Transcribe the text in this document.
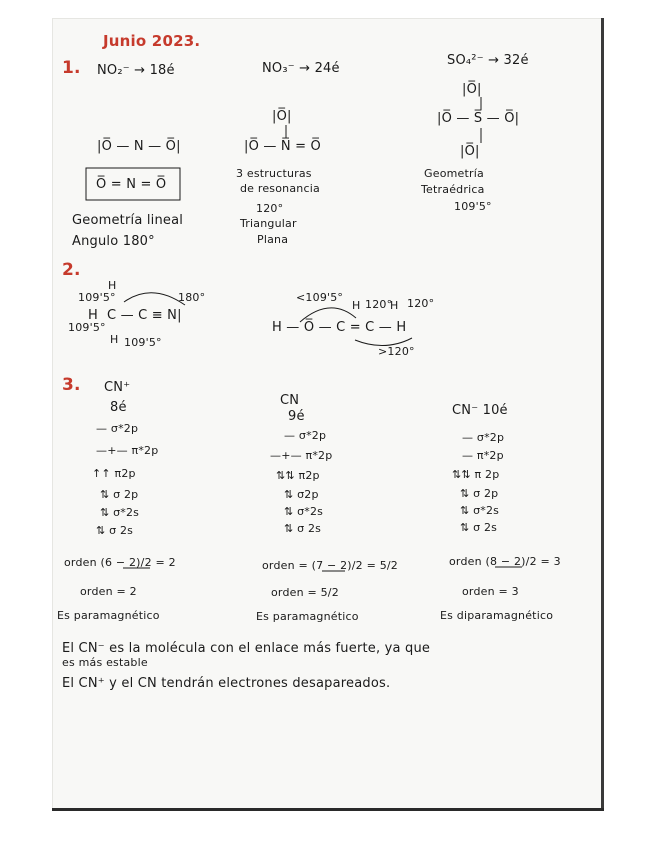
Junio 2023.
1. NO₂⁻ → 18é	NO₃⁻ → 24é
SO₄²⁻ → 32é
|O̅|
|O̅ — S̅ — O̅|
|O̅|
|O̅|
|O̅ — N̅ = O̅
|O̅ — N — O̅|
O̅ = N = O̅
3 estructuras
de resonancia
120°
Triangular
Plana
Geometría
Tetraédrica
109'5°
Geometría lineal
Angulo 180°
2.
H
H C — C ≡ N|
H
109'5°
109'5°
180°
109'5°
<109'5°
H 120°
H 120°
H — O̅ — C = C — H
>120°
3. CN⁺
8é
— σ*2p
—+— π*2p
↑↑ π2p
⇅ σ 2p
⇅ σ*2s
⇅ σ 2s
orden (6 − 2)/2 = 2
orden = 2
Es paramagnético
CN
9é
— σ*2p
—+— π*2p
⇅⇅ π2p
⇅ σ2p
⇅ σ*2s
⇅ σ 2s
orden = (7 − 2)/2 = 5/2
orden = 5/2
Es paramagnético
CN⁻ 10é
— σ*2p
— π*2p
⇅⇅ π 2p
⇅ σ 2p
⇅ σ*2s
⇅ σ 2s
orden (8 − 2)/2 = 3
orden = 3
Es diparamagnético
El CN⁻ es la molécula con el enlace más fuerte, ya que
es más estable
El CN⁺ y el CN tendrán electrones desapareados.
